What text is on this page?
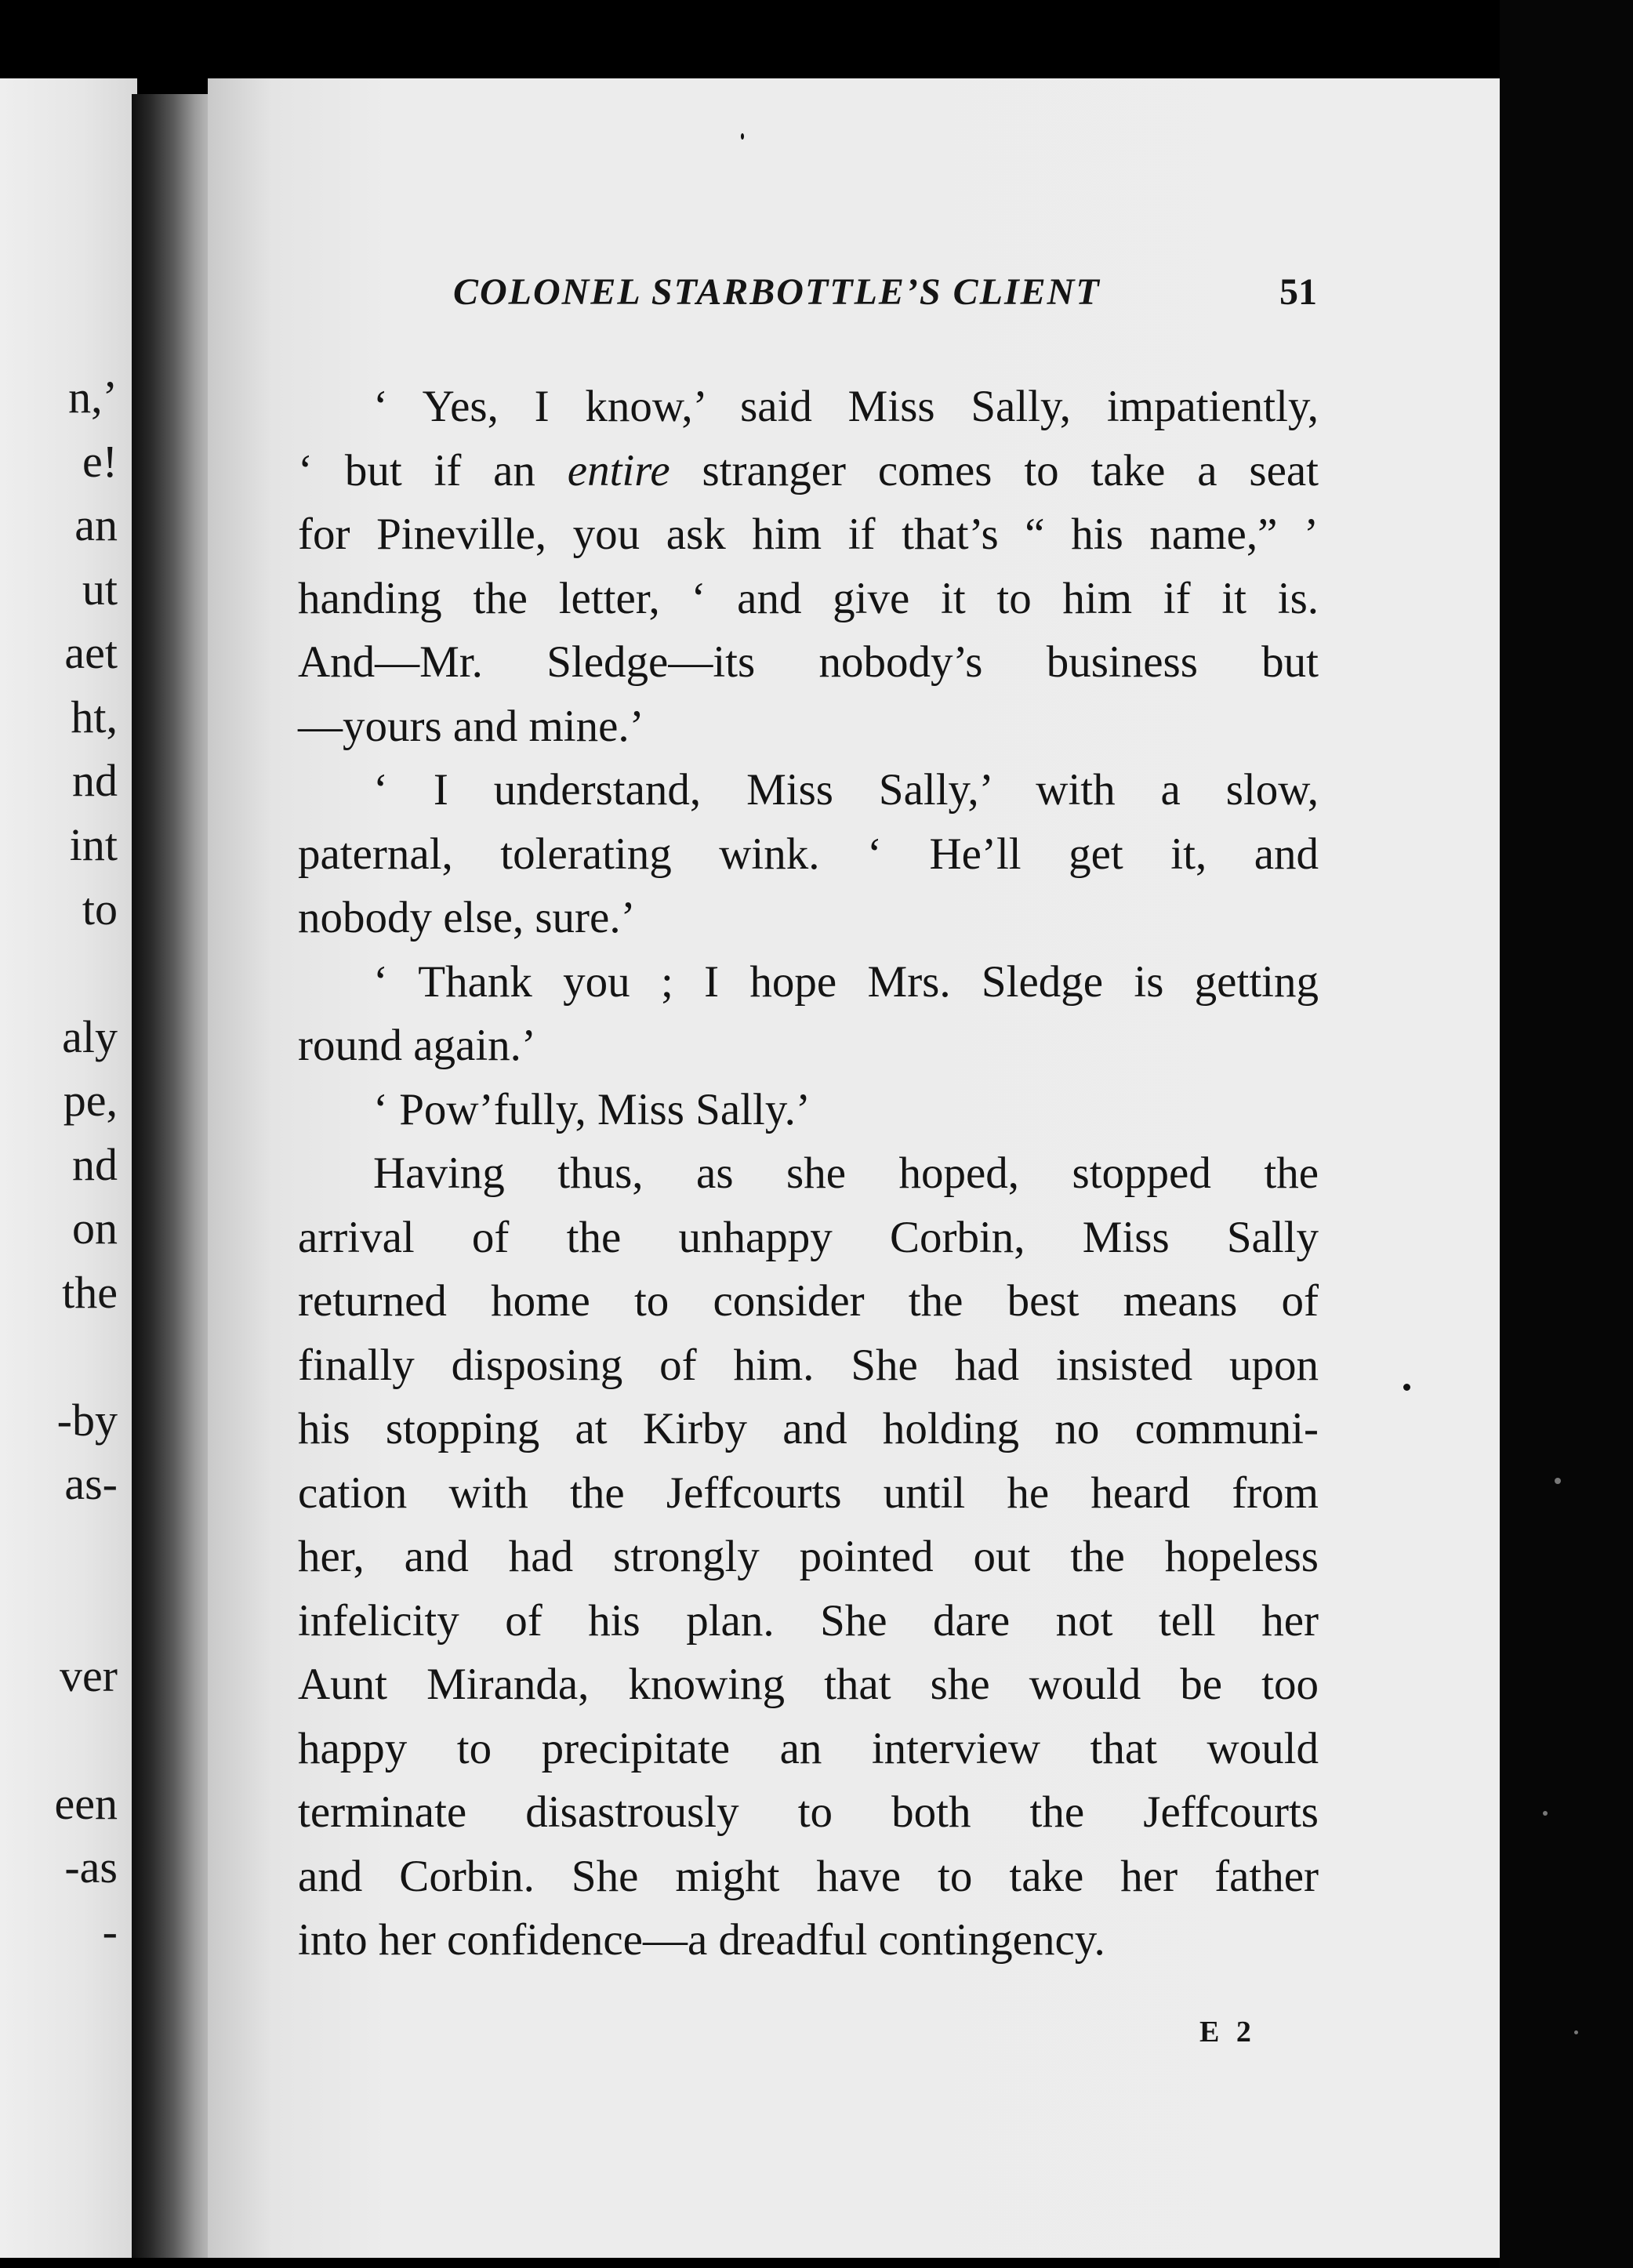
n,’
e!
an
ut
aet
ht,
nd
int
to
aly
pe,
nd
on
the
-by
as-
ver
een
-as
-
COLONEL STARBOTTLE’S CLIENT	51
‘ Yes, I know,’ said Miss Sally, impatiently,
‘ but if an entire stranger comes to take a seat
for Pineville, you ask him if that’s “ his name,” ’
handing the letter, ‘ and give it to him if it is.
And—Mr. Sledge—its nobody’s business but
—yours and mine.’
‘ I understand, Miss Sally,’ with a slow,
paternal, tolerating wink. ‘ He’ll get it, and
nobody else, sure.’
‘ Thank you ; I hope Mrs. Sledge is getting
round again.’
‘ Pow’fully, Miss Sally.’
Having thus, as she hoped, stopped the
arrival of the unhappy Corbin, Miss Sally
returned home to consider the best means of
finally disposing of him. She had insisted upon
his stopping at Kirby and holding no communi-
cation with the Jeffcourts until he heard from
her, and had strongly pointed out the hopeless
infelicity of his plan. She dare not tell her
Aunt Miranda, knowing that she would be too
happy to precipitate an interview that would
terminate disastrously to both the Jeffcourts
and Corbin. She might have to take her father
into her confidence—a dreadful contingency.
E 2
